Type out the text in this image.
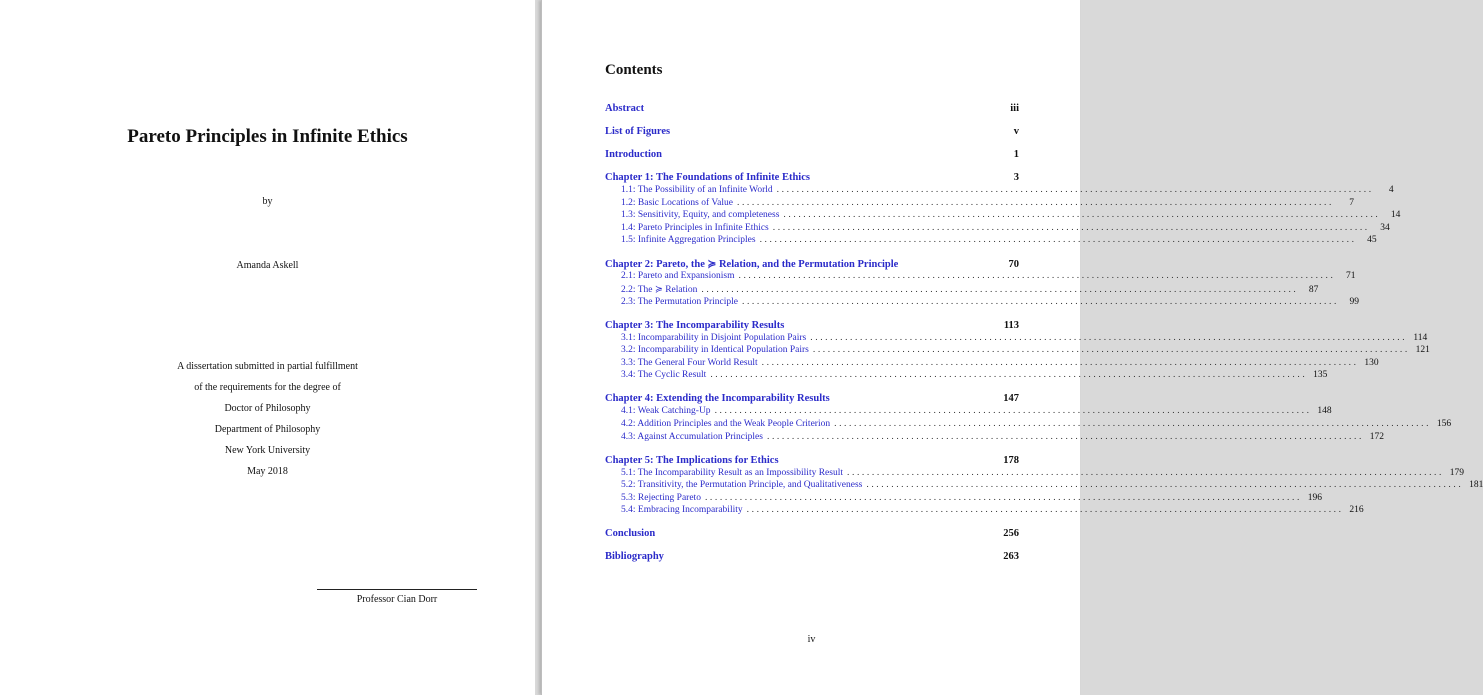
Pareto Principles in Infinite Ethics
by
Amanda Askell
A dissertation submitted in partial fulfillment
of the requirements for the degree of
Doctor of Philosophy
Department of Philosophy
New York University
May 2018
Professor Cian Dorr
Contents
Abstract	iii
List of Figures	v
Introduction	1
Chapter 1: The Foundations of Infinite Ethics	3
1.1: The Possibility of an Infinite World ........................................................................................................................	4
1.2: Basic Locations of Value ........................................................................................................................	7
1.3: Sensitivity, Equity, and completeness ........................................................................................................................	14
1.4: Pareto Principles in Infinite Ethics ........................................................................................................................	34
1.5: Infinite Aggregation Principles ........................................................................................................................	45
Chapter 2: Pareto, the ≽ Relation, and the Permutation Principle	70
2.1: Pareto and Expansionism ........................................................................................................................	71
2.2: The ≽ Relation ........................................................................................................................	87
2.3: The Permutation Principle ........................................................................................................................	99
Chapter 3: The Incomparability Results	113
3.1: Incomparability in Disjoint Population Pairs ........................................................................................................................ 114
3.2: Incomparability in Identical Population Pairs ........................................................................................................................ 121
3.3: The General Four World Result ........................................................................................................................ 130
3.4: The Cyclic Result ........................................................................................................................ 135
Chapter 4: Extending the Incomparability Results	147
4.1: Weak Catching-Up ........................................................................................................................ 148
4.2: Addition Principles and the Weak People Criterion ........................................................................................................................ 156
4.3: Against Accumulation Principles ........................................................................................................................ 172
Chapter 5: The Implications for Ethics	178
5.1: The Incomparability Result as an Impossibility Result ........................................................................................................................ 179
5.2: Transitivity, the Permutation Principle, and Qualitativeness ........................................................................................................................ 181
5.3: Rejecting Pareto ........................................................................................................................ 196
5.4: Embracing Incomparability ........................................................................................................................ 216
Conclusion	256
Bibliography	263
iv
